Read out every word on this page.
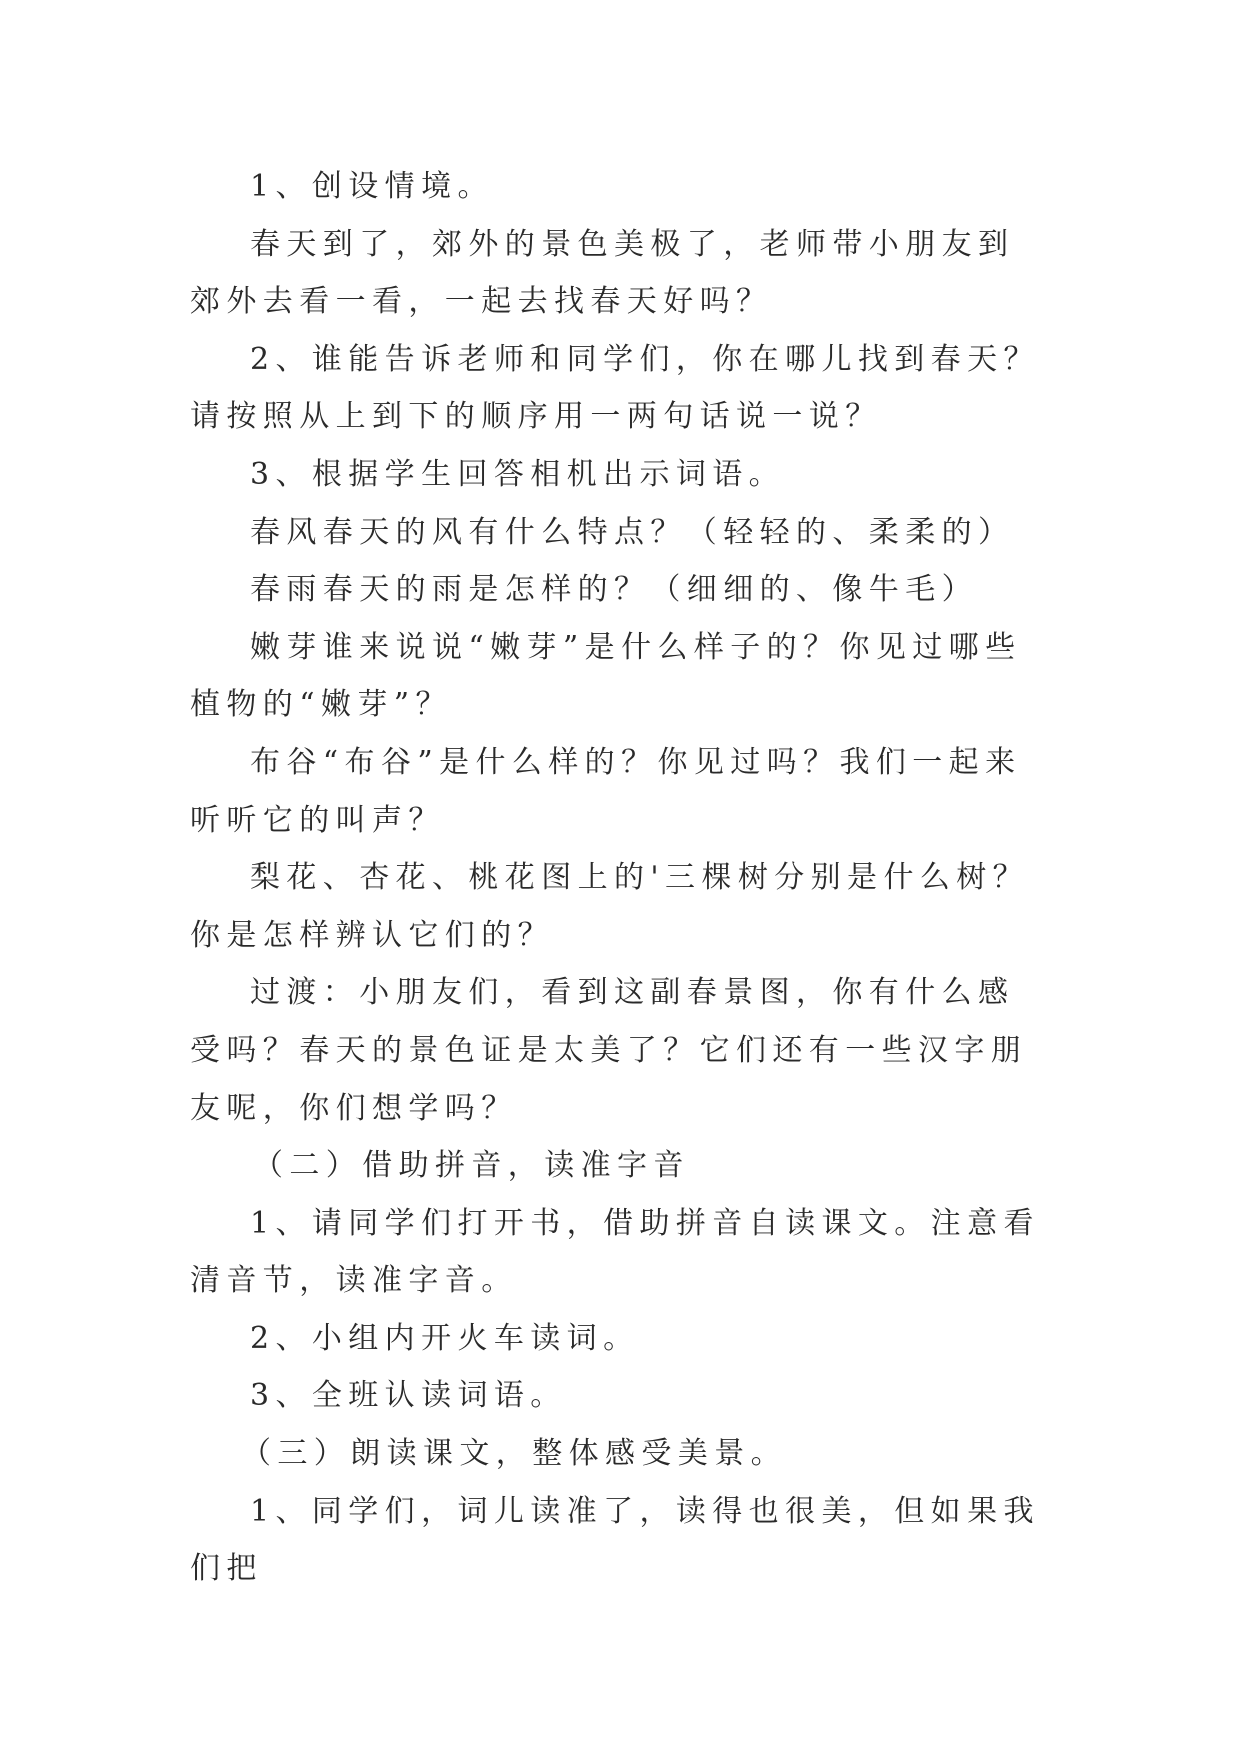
1、创设情境。

春天到了，郊外的景色美极了，老师带小朋友到郊外去看一看，一起去找春天好吗？

2、谁能告诉老师和同学们，你在哪儿找到春天？请按照从上到下的顺序用一两句话说一说？

3、根据学生回答相机出示词语。

春风春天的风有什么特点？（轻轻的、柔柔的）

春雨春天的雨是怎样的？（细细的、像牛毛）

嫩芽谁来说说“嫩芽”是什么样子的？你见过哪些植物的“嫩芽”？

布谷“布谷”是什么样的？你见过吗？我们一起来听听它的叫声？

梨花、杏花、桃花图上的'三棵树分别是什么树？你是怎样辨认它们的？

过渡：小朋友们，看到这副春景图，你有什么感受吗？春天的景色证是太美了？它们还有一些汉字朋友呢，你们想学吗？

（二）借助拼音，读准字音

1、请同学们打开书，借助拼音自读课文。注意看清音节，读准字音。

2、小组内开火车读词。

3、全班认读词语。

（三）朗读课文，整体感受美景。

1、同学们，词儿读准了，读得也很美，但如果我们把
